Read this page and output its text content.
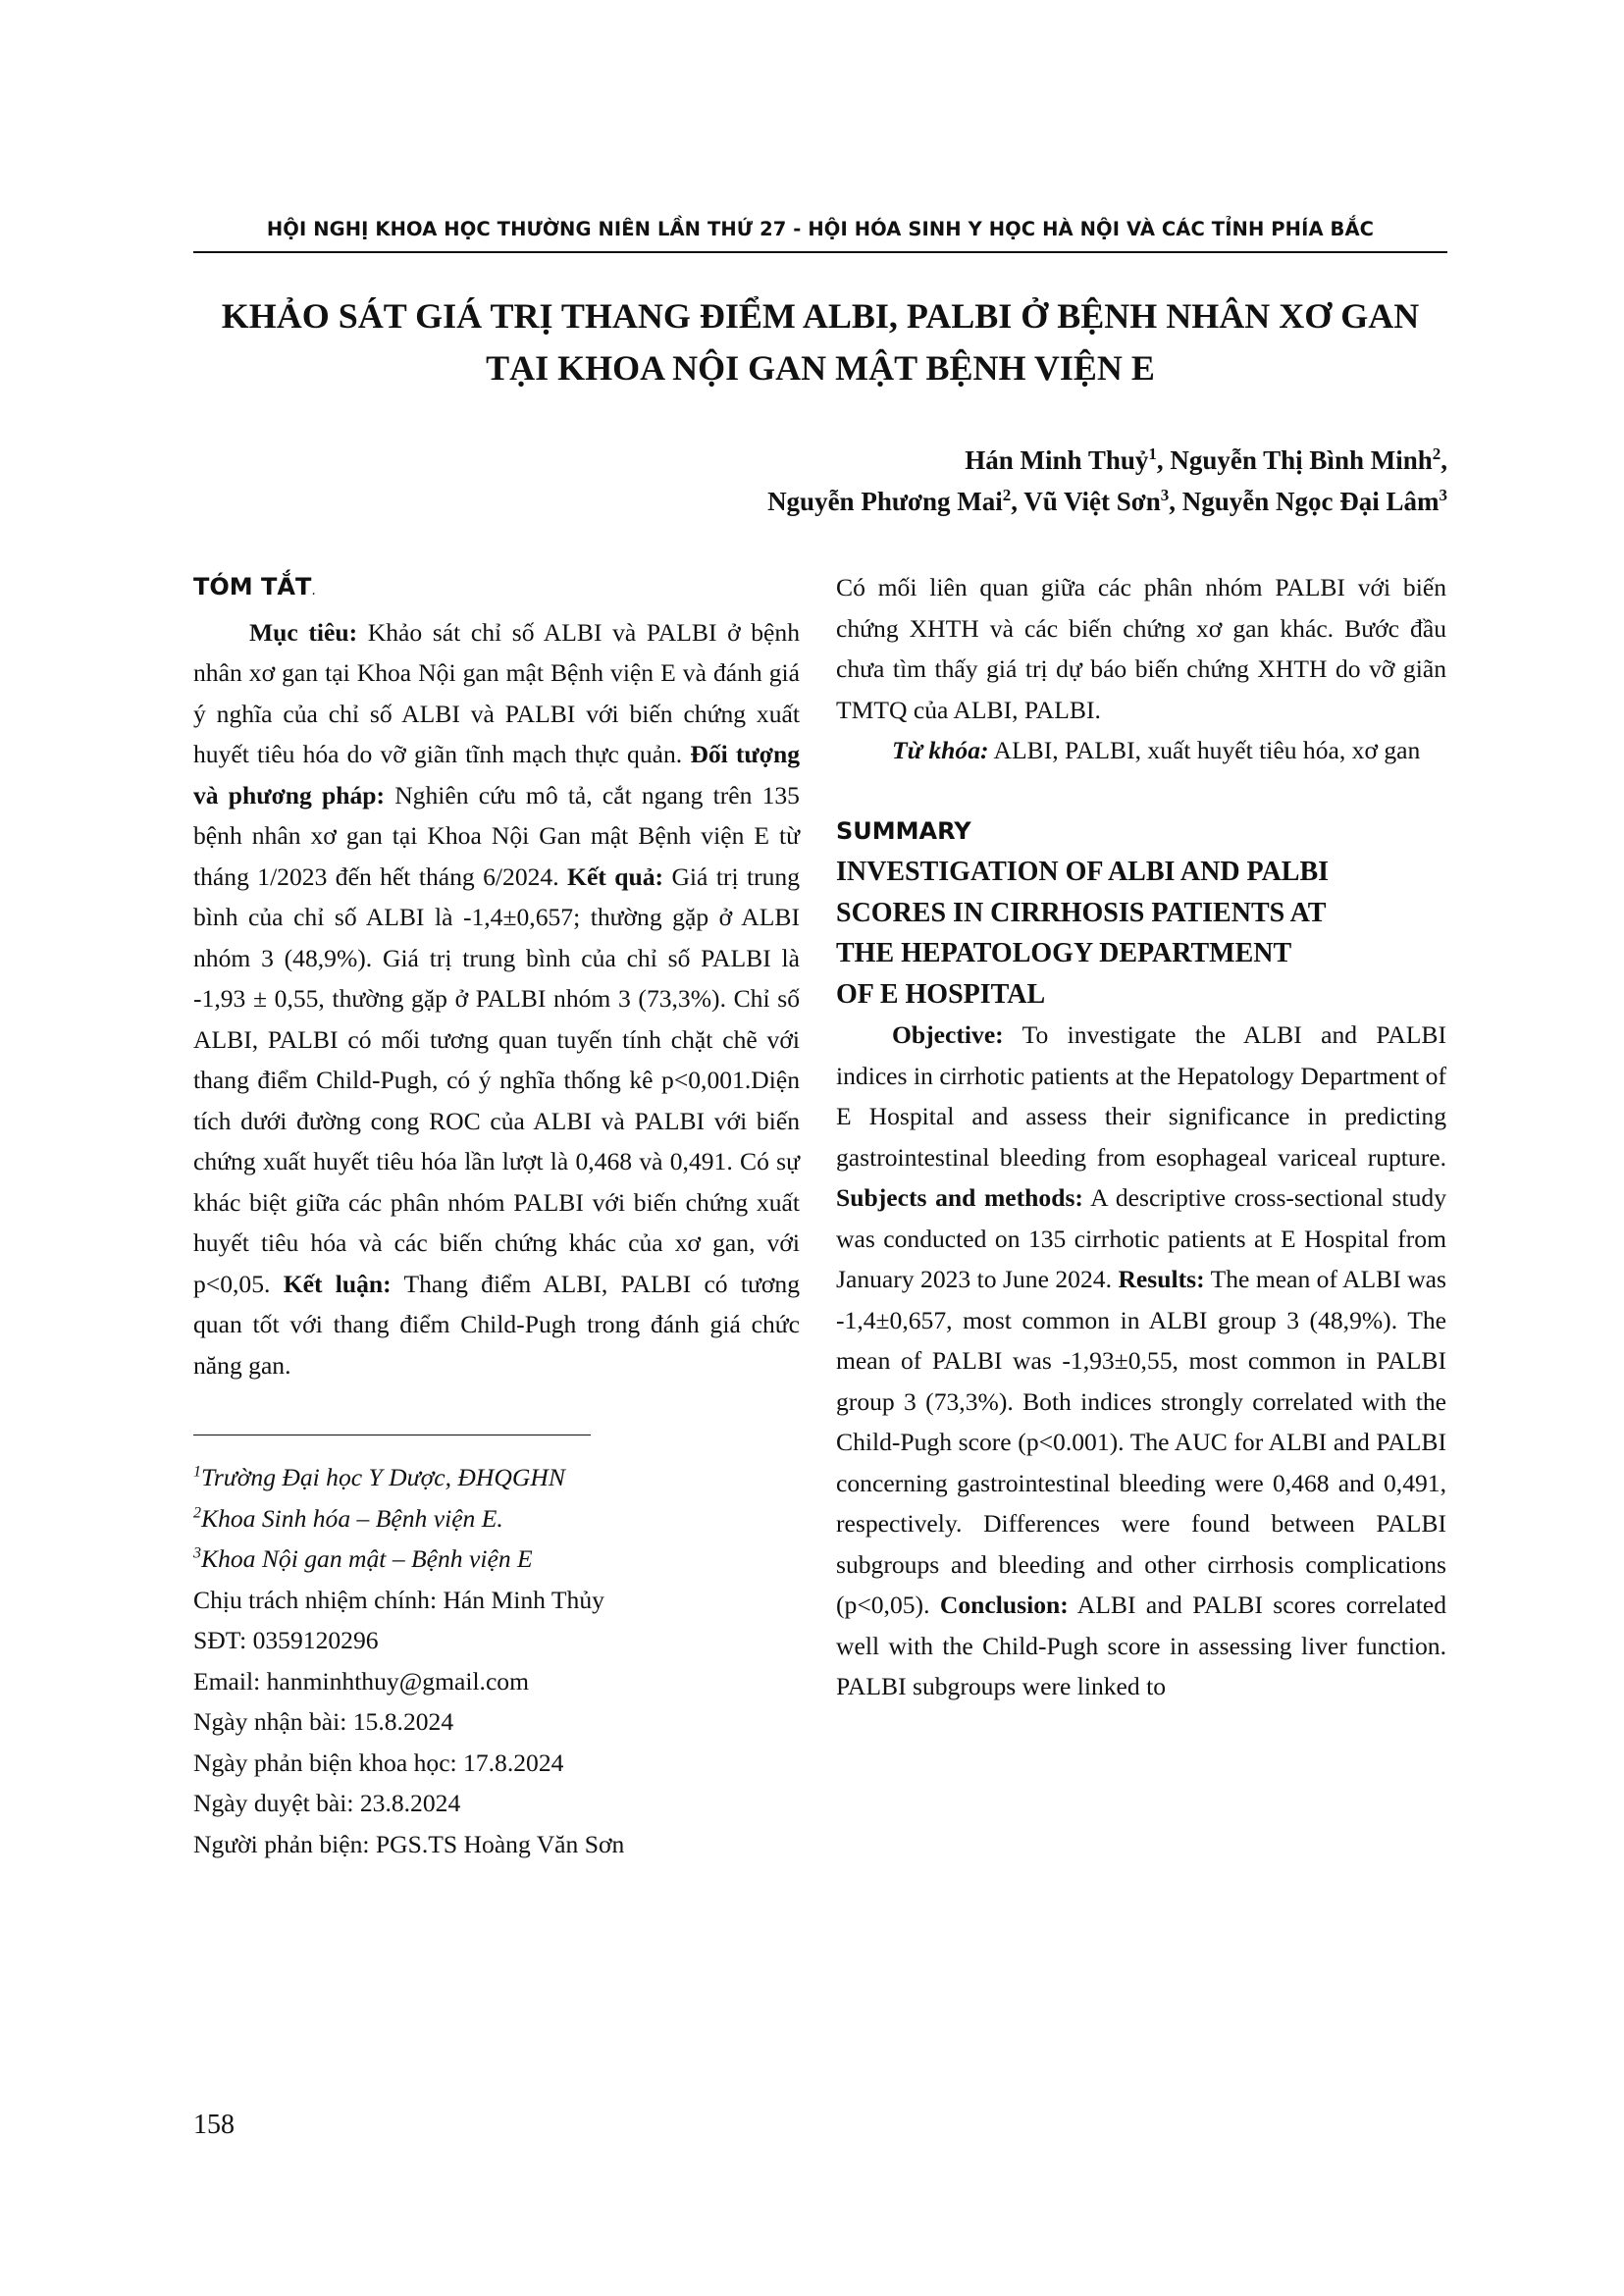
HỘI NGHỊ KHOA HỌC THƯỜNG NIÊN LẦN THỨ 27 - HỘI HÓA SINH Y HỌC HÀ NỘI VÀ CÁC TỈNH PHÍA BẮC
KHẢO SÁT GIÁ TRỊ THANG ĐIỂM ALBI, PALBI Ở BỆNH NHÂN XƠ GAN
TẠI KHOA NỘI GAN MẬT BỆNH VIỆN E
Hán Minh Thuỷ$^1$, Nguyễn Thị Bình Minh$^2$,
Nguyễn Phương Mai$^2$, Vũ Việt Sơn$^3$, Nguyễn Ngọc Đại Lâm$^3$

TÓM TẮT.

Mục tiêu: Khảo sát chỉ số ALBI và PALBI ở bệnh nhân xơ gan tại Khoa Nội gan mật Bệnh viện E và đánh giá ý nghĩa của chỉ số ALBI và PALBI với biến chứng xuất huyết tiêu hóa do vỡ giãn tĩnh mạch thực quản. Đối tượng và phương pháp: Nghiên cứu mô tả, cắt ngang trên 135 bệnh nhân xơ gan tại Khoa Nội Gan mật Bệnh viện E từ tháng 1/2023 đến hết tháng 6/2024. Kết quả: Giá trị trung bình của chỉ số ALBI là -1,4±0,657; thường gặp ở ALBI nhóm 3 (48,9%). Giá trị trung bình của chỉ số PALBI là -1,93 ± 0,55, thường gặp ở PALBI nhóm 3 (73,3%). Chỉ số ALBI, PALBI có mối tương quan tuyến tính chặt chẽ với thang điểm Child-Pugh, có ý nghĩa thống kê p<0,001.Diện tích dưới đường cong ROC của ALBI và PALBI với biến chứng xuất huyết tiêu hóa lần lượt là 0,468 và 0,491. Có sự khác biệt giữa các phân nhóm PALBI với biến chứng xuất huyết tiêu hóa và các biến chứng khác của xơ gan, với p<0,05. Kết luận: Thang điểm ALBI, PALBI có tương quan tốt với thang điểm Child-Pugh trong đánh giá chức năng gan.

$^1$Trường Đại học Y Dược, ĐHQGHN

$^2$Khoa Sinh hóa – Bệnh viện E.

$^3$Khoa Nội gan mật – Bệnh viện E

Chịu trách nhiệm chính: Hán Minh Thủy

SĐT: 0359120296

Email: hanminhthuy@gmail.com

Ngày nhận bài: 15.8.2024

Ngày phản biện khoa học: 17.8.2024

Ngày duyệt bài: 23.8.2024

Người phản biện: PGS.TS Hoàng Văn Sơn

Có mối liên quan giữa các phân nhóm PALBI với biến chứng XHTH và các biến chứng xơ gan khác. Bước đầu chưa tìm thấy giá trị dự báo biến chứng XHTH do vỡ giãn TMTQ của ALBI, PALBI.

Từ khóa: ALBI, PALBI, xuất huyết tiêu hóa, xơ gan

SUMMARY

INVESTIGATION OF ALBI AND PALBI

SCORES IN CIRRHOSIS PATIENTS AT

THE HEPATOLOGY DEPARTMENT

OF E HOSPITAL

Objective: To investigate the ALBI and PALBI indices in cirrhotic patients at the Hepatology Department of E Hospital and assess their significance in predicting gastrointestinal bleeding from esophageal variceal rupture. Subjects and methods: A descriptive cross-sectional study was conducted on 135 cirrhotic patients at E Hospital from January 2023 to June 2024. Results: The mean of ALBI was -1,4±0,657, most common in ALBI group 3 (48,9%). The mean of PALBI was -1,93±0,55, most common in PALBI group 3 (73,3%). Both indices strongly correlated with the Child-Pugh score (p<0.001). The AUC for ALBI and PALBI concerning gastrointestinal bleeding were 0,468 and 0,491, respectively. Differences were found between PALBI subgroups and bleeding and other cirrhosis complications (p<0,05). Conclusion: ALBI and PALBI scores correlated well with the Child-Pugh score in assessing liver function. PALBI subgroups were linked to

158
